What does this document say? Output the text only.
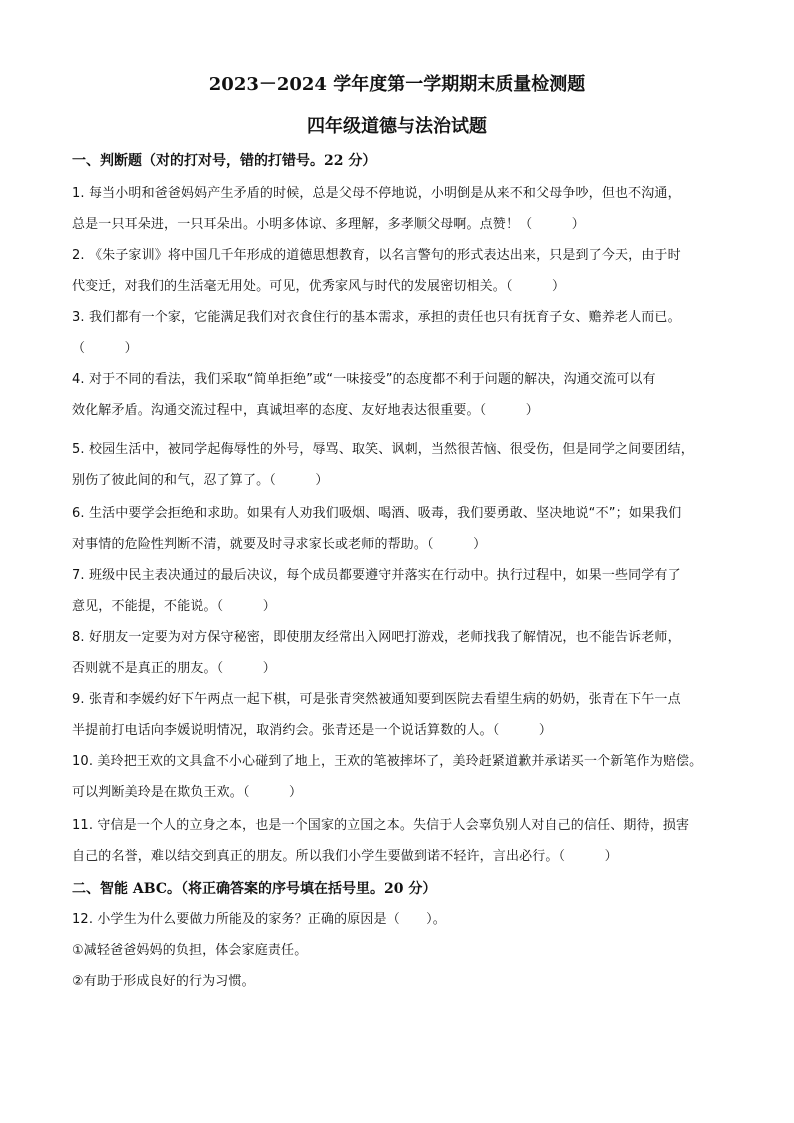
2023－2024 学年度第一学期期末质量检测题
四年级道德与法治试题
一、判断题（对的打对号，错的打错号。22 分）
1. 每当小明和爸爸妈妈产生矛盾的时候，总是父母不停地说，小明倒是从来不和父母争吵，但也不沟通，
总是一只耳朵进，一只耳朵出。小明多体谅、多理解，多孝顺父母啊。点赞！（　　　）
2. 《朱子家训》将中国几千年形成的道德思想教育，以名言警句的形式表达出来，只是到了今天，由于时
代变迁，对我们的生活毫无用处。可见，优秀家风与时代的发展密切相关。（　　　）
3. 我们都有一个家，它能满足我们对衣食住行的基本需求，承担的责任也只有抚育子女、赡养老人而已。
（　　　）
4. 对于不同的看法，我们采取“简单拒绝”或“一味接受”的态度都不利于问题的解决，沟通交流可以有
效化解矛盾。沟通交流过程中，真诚坦率的态度、友好地表达很重要。（　　　）
5. 校园生活中，被同学起侮辱性的外号，辱骂、取笑、讽刺，当然很苦恼、很受伤，但是同学之间要团结，
别伤了彼此间的和气，忍了算了。（　　　）
6. 生活中要学会拒绝和求助。如果有人劝我们吸烟、喝酒、吸毒，我们要勇敢、坚决地说“不”；如果我们
对事情的危险性判断不清，就要及时寻求家长或老师的帮助。（　　　）
7. 班级中民主表决通过的最后决议，每个成员都要遵守并落实在行动中。执行过程中，如果一些同学有了
意见，不能提，不能说。（　　　）
8. 好朋友一定要为对方保守秘密，即使朋友经常出入网吧打游戏，老师找我了解情况，也不能告诉老师，
否则就不是真正的朋友。（　　　）
9. 张青和李媛约好下午两点一起下棋，可是张青突然被通知要到医院去看望生病的奶奶，张青在下午一点
半提前打电话向李媛说明情况，取消约会。张青还是一个说话算数的人。（　　　）
10. 美玲把王欢的文具盒不小心碰到了地上，王欢的笔被摔坏了，美玲赶紧道歉并承诺买一个新笔作为赔偿。
可以判断美玲是在欺负王欢。（　　　）
11. 守信是一个人的立身之本，也是一个国家的立国之本。失信于人会辜负别人对自己的信任、期待，损害
自己的名誉，难以结交到真正的朋友。所以我们小学生要做到诺不轻许，言出必行。（　　　）
二、智能 ABC。（将正确答案的序号填在括号里。20 分）
12. 小学生为什么要做力所能及的家务？正确的原因是（　　）。
①减轻爸爸妈妈的负担，体会家庭责任。
②有助于形成良好的行为习惯。
